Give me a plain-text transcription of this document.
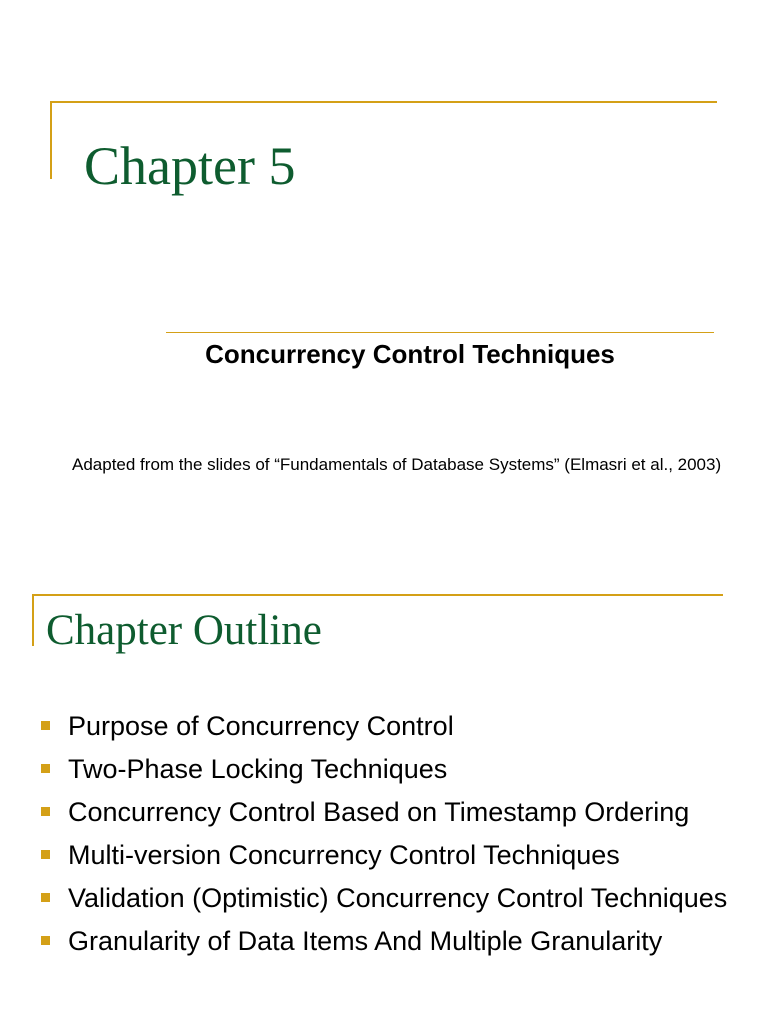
Chapter 5
Concurrency Control Techniques
Adapted from the slides of “Fundamentals of Database Systems” (Elmasri et al., 2003)
Chapter Outline
Purpose of Concurrency Control
Two-Phase Locking Techniques
Concurrency Control Based on Timestamp Ordering
Multi-version Concurrency Control Techniques
Validation (Optimistic) Concurrency Control Techniques
Granularity of Data Items And Multiple Granularity
